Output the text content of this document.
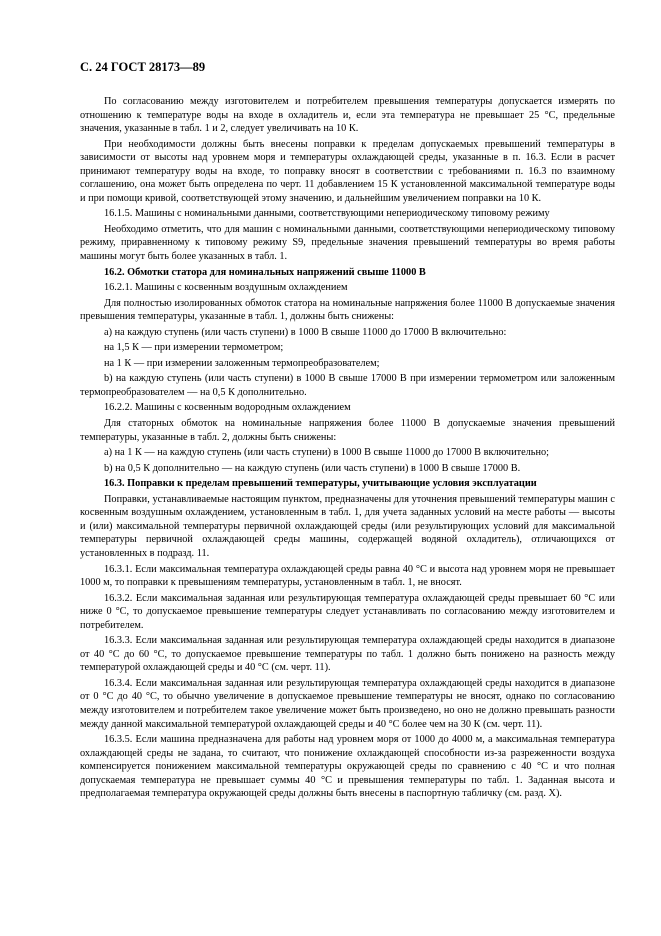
С. 24 ГОСТ 28173—89

По согласованию между изготовителем и потребителем превышения температуры допускается измерять по отношению к температуре воды на входе в охладитель и, если эта температура не превышает 25 °С, предельные значения, указанные в табл. 1 и 2, следует увеличивать на 10 К.

При необходимости должны быть внесены поправки к пределам допускаемых превышений температуры в зависимости от высоты над уровнем моря и температуры охлаждающей среды, указанные в п. 16.3. Если в расчет принимают температуру воды на входе, то поправку вносят в соответствии с требованиями п. 16.3 по взаимному соглашению, она может быть определена по черт. 11 добавлением 15 К установленной максимальной температуре воды и при помощи кривой, соответствующей этому значению, и дальнейшим увеличением поправки на 10 К.

16.1.5. Машины с номинальными данными, соответствующими непериодическому типовому режиму

Необходимо отметить, что для машин с номинальными данными, соответствующими непериодическому типовому режиму, приравненному к типовому режиму S9, предельные значения превышений температуры во время работы машины могут быть более указанных в табл. 1.

16.2. Обмотки статора для номинальных напряжений свыше 11000 В

16.2.1. Машины с косвенным воздушным охлаждением

Для полностью изолированных обмоток статора на номинальные напряжения более 11000 В допускаемые значения превышения температуры, указанные в табл. 1, должны быть снижены:

а) на каждую ступень (или часть ступени) в 1000 В свыше 11000 до 17000 В включительно:

на 1,5 К — при измерении термометром;

на 1 К — при измерении заложенным термопреобразователем;

b) на каждую ступень (или часть ступени) в 1000 В свыше 17000 В при измерении термометром или заложенным термопреобразователем — на 0,5 К дополнительно.

16.2.2. Машины с косвенным водородным охлаждением

Для статорных обмоток на номинальные напряжения более 11000 В допускаемые значения превышений температуры, указанные в табл. 2, должны быть снижены:

а) на 1 К — на каждую ступень (или часть ступени) в 1000 В свыше 11000 до 17000 В включительно;

b) на 0,5 К дополнительно — на каждую ступень (или часть ступени) в 1000 В свыше 17000 В.

16.3. Поправки к пределам превышений температуры, учитывающие условия эксплуатации

Поправки, устанавливаемые настоящим пунктом, предназначены для уточнения превышений температуры машин с косвенным воздушным охлаждением, установленным в табл. 1, для учета заданных условий на месте работы — высоты и (или) максимальной температуры первичной охлаждающей среды (или результирующих условий для максимальной температуры первичной охлаждающей среды машины, содержащей водяной охладитель), отличающихся от установленных в подразд. 11.

16.3.1. Если максимальная температура охлаждающей среды равна 40 °С и высота над уровнем моря не превышает 1000 м, то поправки к превышениям температуры, установленным в табл. 1, не вносят.

16.3.2. Если максимальная заданная или результирующая температура охлаждающей среды превышает 60 °С или ниже 0 °С, то допускаемое превышение температуры следует устанавливать по согласованию между изготовителем и потребителем.

16.3.3. Если максимальная заданная или результирующая температура охлаждающей среды находится в диапазоне от 40 °С до 60 °С, то допускаемое превышение температуры по табл. 1 должно быть понижено на разность между температурой охлаждающей среды и 40 °С (см. черт. 11).

16.3.4. Если максимальная заданная или результирующая температура охлаждающей среды находится в диапазоне от 0 °С до 40 °С, то обычно увеличение в допускаемое превышение температуры не вносят, однако по согласованию между изготовителем и потребителем такое увеличение может быть произведено, но оно не должно превышать разности между данной максимальной температурой охлаждающей среды и 40 °С более чем на 30 К (см. черт. 11).

16.3.5. Если машина предназначена для работы над уровнем моря от 1000 до 4000 м, а максимальная температура охлаждающей среды не задана, то считают, что понижение охлаждающей способности из-за разреженности воздуха компенсируется понижением максимальной температуры окружающей среды по сравнению с 40 °С и что полная допускаемая температура не превышает суммы 40 °С и превышения температуры по табл. 1. Заданная высота и предполагаемая температура окружающей среды должны быть внесены в паспортную табличку (см. разд. X).
